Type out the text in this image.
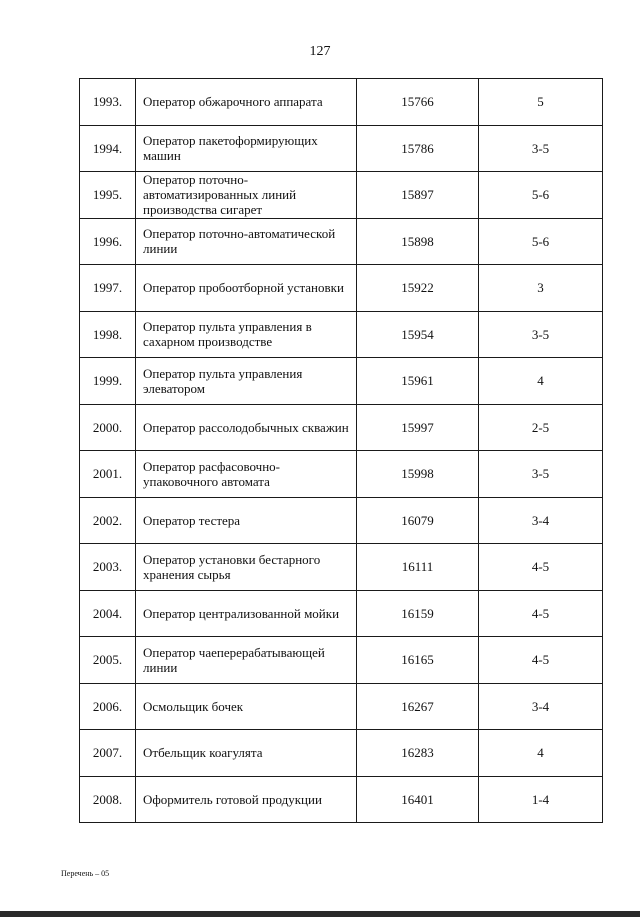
127
1993.	Оператор обжарочного аппарата	15766	5
1994.	Оператор пакетоформирующих машин	15786	3-5
1995.	Оператор поточно-автоматизированных линий производства сигарет	15897	5-6
1996.	Оператор поточно-автоматической линии	15898	5-6
1997.	Оператор пробоотборной установки	15922	3
1998.	Оператор пульта управления в сахарном производстве	15954	3-5
1999.	Оператор пульта управления элеватором	15961	4
2000.	Оператор рассолодобычных скважин	15997	2-5
2001.	Оператор расфасовочно-упаковочного автомата	15998	3-5
2002.	Оператор тестера	16079	3-4
2003.	Оператор установки бестарного хранения сырья	16111	4-5
2004.	Оператор централизованной мойки	16159	4-5
2005.	Оператор чаеперерабатывающей линии	16165	4-5
2006.	Осмольщик бочек	16267	3-4
2007.	Отбельщик коагулята	16283	4
2008.	Оформитель готовой продукции	16401	1-4
Перечень – 05
